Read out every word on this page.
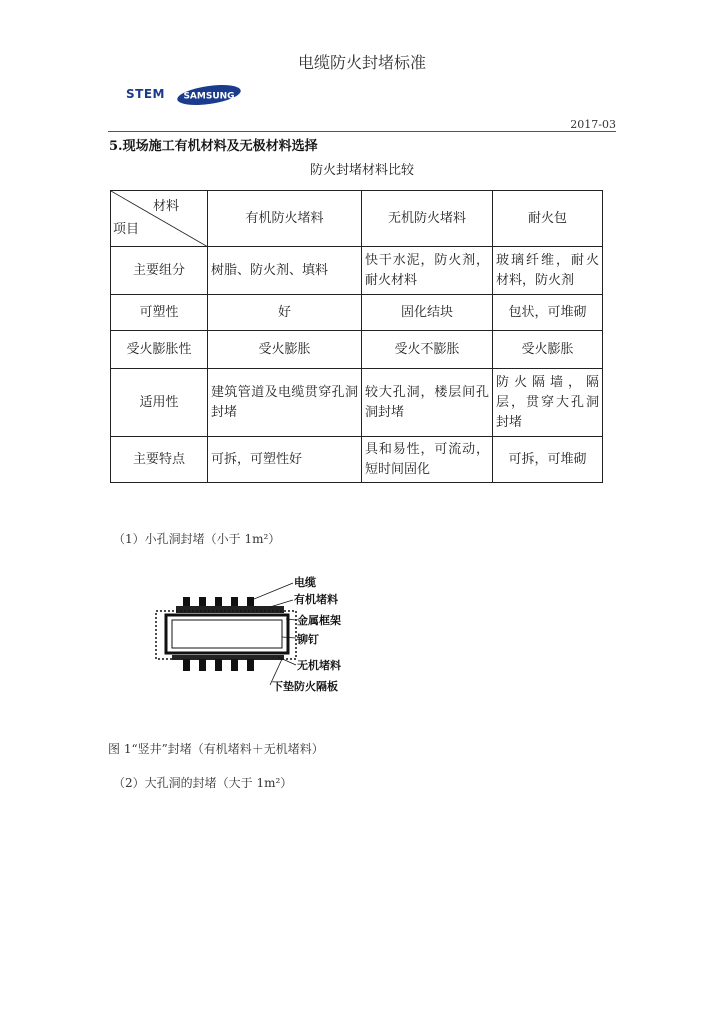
电缆防火封堵标准
STEM SAMSUNG
2017-03
5.现场施工有机材料及无极材料选择
防火封堵材料比较
材料
项目	有机防火堵料	无机防火堵料	耐火包
主要组分	树脂、防火剂、填料	快干水泥，防火剂，耐火材料	玻璃纤维，耐火材料，防火剂
可塑性	好	固化结块	包状，可堆砌
受火膨胀性	受火膨胀	受火不膨胀	受火膨胀
适用性	建筑管道及电缆贯穿孔洞封堵	较大孔洞，楼层间孔洞封堵	防火隔墙，隔层，贯穿大孔洞封堵
主要特点	可拆，可塑性好	具和易性，可流动，短时间固化	可拆，可堆砌
（1）小孔洞封堵（小于 1m²）
电缆
有机堵料
金属框架
铆钉
无机堵料
下垫防火隔板
图 1“竖井”封堵（有机堵料＋无机堵料）
（2）大孔洞的封堵（大于 1m²）
